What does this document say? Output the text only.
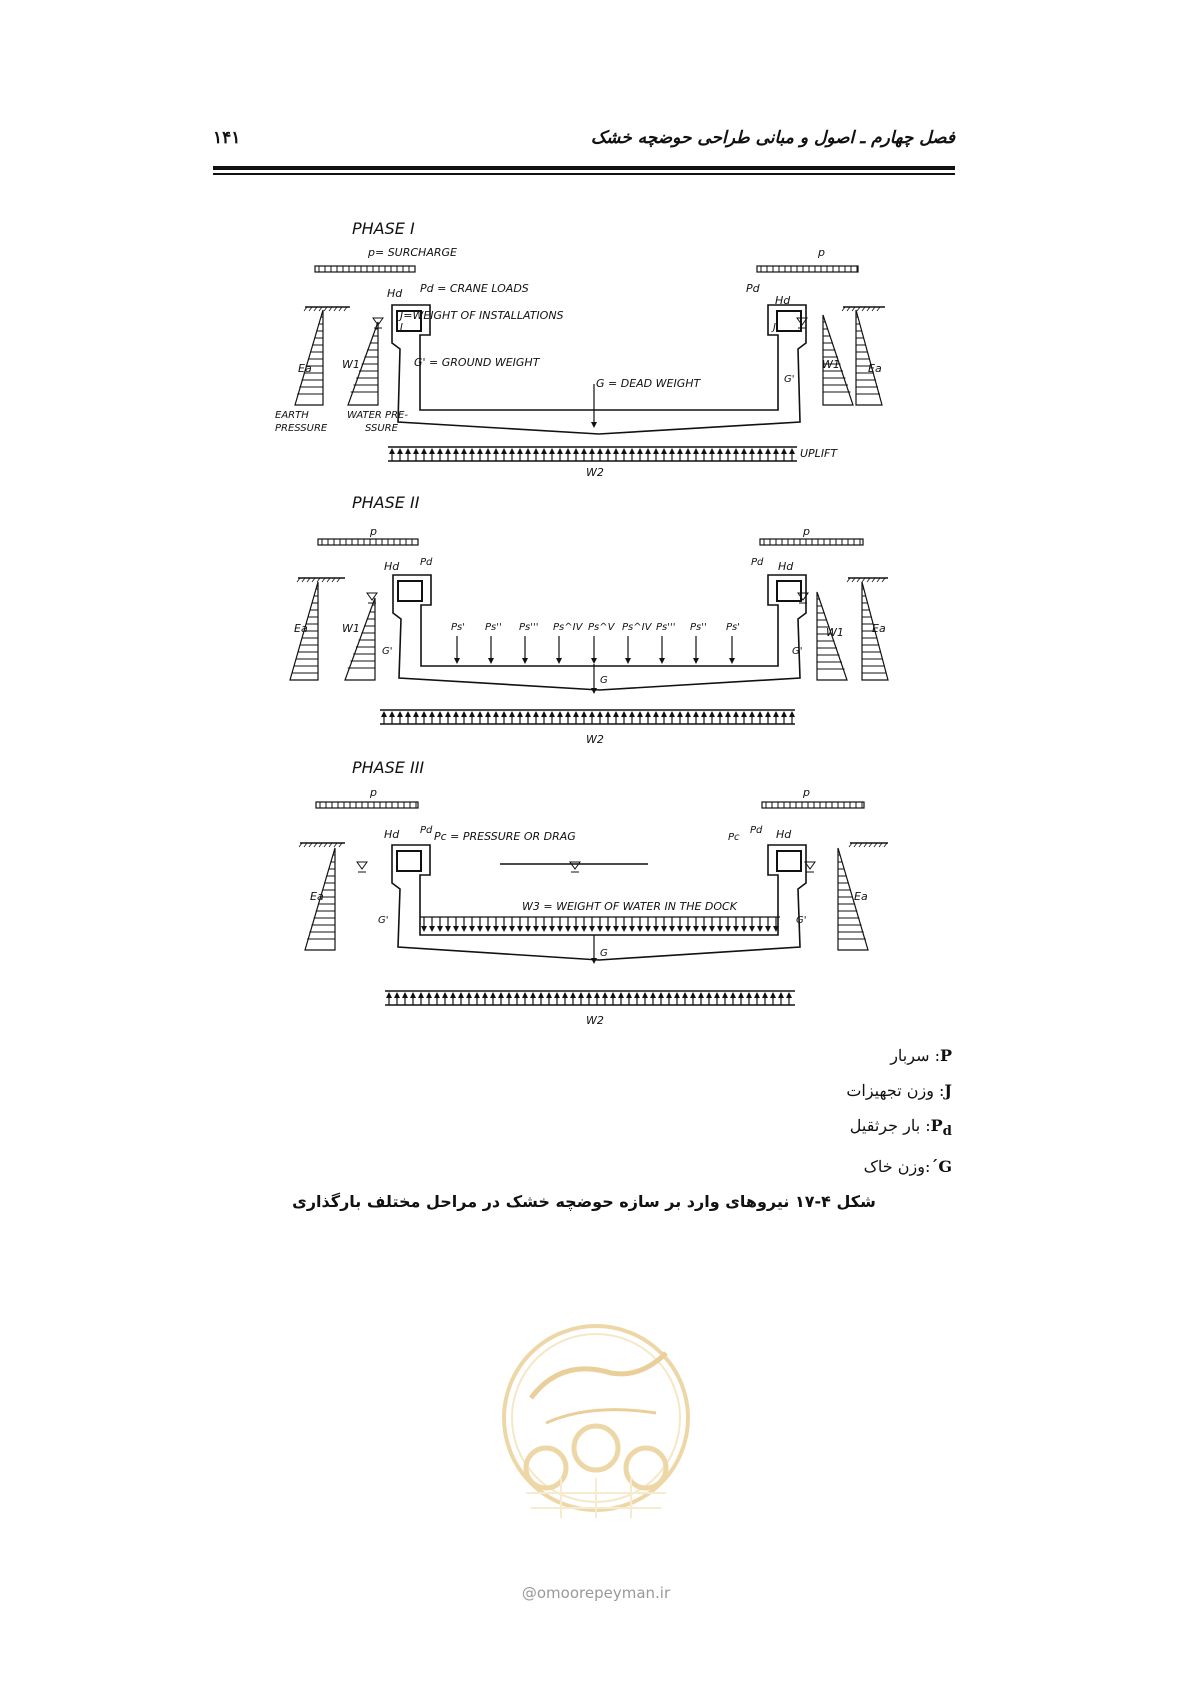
فصل چهارم ـ اصول و مبانی طراحی حوضچه خشک
۱۴۱
PHASE I
p= SURCHARGE	p
Pd = CRANE LOADS
J=WEIGHT OF INSTALLATIONS
G' = GROUND WEIGHT
G = DEAD WEIGHT
Hd	Pd
Hd
J	J
Ea	W1	W1	Ea
G'
EARTH
PRESSURE
WATER PRE-
SSURE
UPLIFT
W2
PHASE II
p	p
Hd Pd	Pd Hd
Ea	W1	W1	Ea
G'	G'
Ps' Ps'' Ps''' Ps^IV Ps^V Ps^IV Ps''' Ps'' Ps'
G
W2
PHASE III
p	p
Hd Pd Pc = PRESSURE OR DRAG	Pd Hd
Pc
Ea	Ea
W3 = WEIGHT OF WATER IN THE DOCK
G'	G'
G
W2
P: سربار
J: وزن تجهیزات
$P_d$: بار جرثقیل
G´:وزن خاک
شکل ۴-۱۷ نیروهای وارد بر سازه حوضچه خشک در مراحل مختلف بارگذاری
@omoorepeyman.ir
